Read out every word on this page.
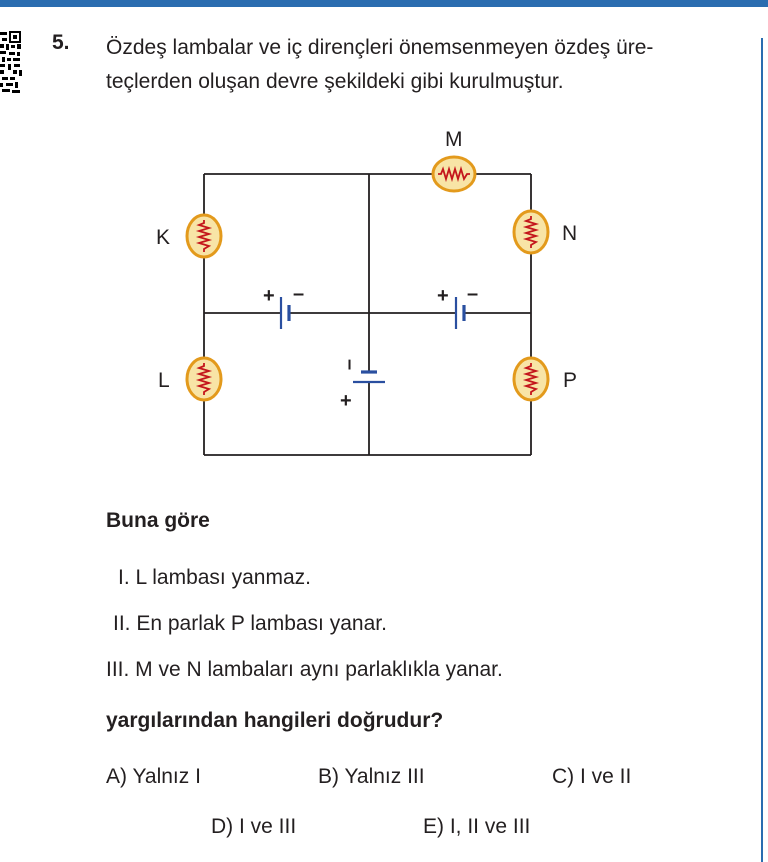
5. Özdeş lambalar ve iç dirençleri önemsenmeyen özdeş üre-
teçlerden oluşan devre şekildeki gibi kurulmuştur.
+ –	+ –
–
+
M
K	N
L	P
Buna göre
I. L lambası yanmaz.
II. En parlak P lambası yanar.
III. M ve N lambaları aynı parlaklıkla yanar.
yargılarından hangileri doğrudur?
A) Yalnız I	B) Yalnız III	C) I ve II
D) I ve III	E) I, II ve III
